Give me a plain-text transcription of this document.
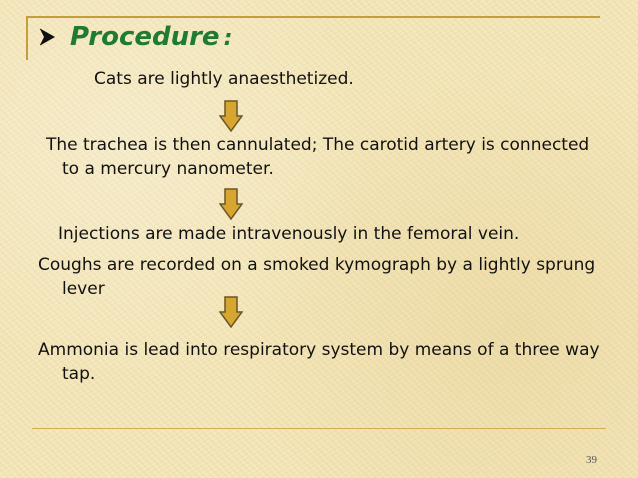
Procedure :

Cats are lightly anaesthetized.

The trachea is then cannulated; The carotid artery is connected

to a mercury nanometer.

Injections are made intravenously in the femoral vein.

Coughs are recorded on a smoked kymograph by a lightly sprung

lever

Ammonia is lead into respiratory system by means of a three way

tap.

39
